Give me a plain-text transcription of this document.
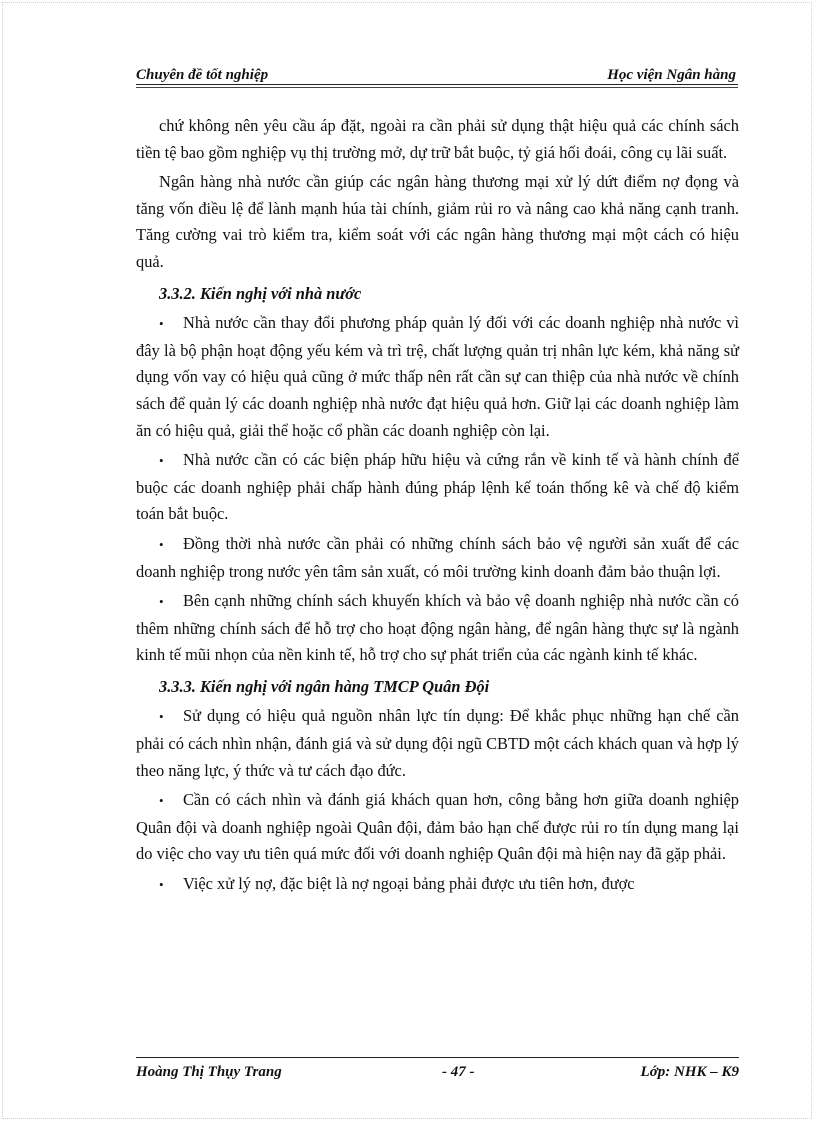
Chuyên đề tốt nghiệp	Học viện Ngân hàng

chứ không nên yêu cầu áp đặt, ngoài ra cần phải sử dụng thật hiệu quả các chính sách tiền tệ bao gồm nghiệp vụ thị trường mở, dự trữ bắt buộc, tỷ giá hối đoái, công cụ lãi suất.

Ngân hàng nhà nước cần giúp các ngân hàng thương mại xử lý dứt điểm nợ đọng và tăng vốn điều lệ để lành mạnh húa tài chính, giảm rủi ro và nâng cao khả năng cạnh tranh. Tăng cường vai trò kiểm tra, kiểm soát với các ngân hàng thương mại một cách có hiệu quả.

3.3.2. Kiến nghị với nhà nước

• Nhà nước cần thay đổi phương pháp quản lý đối với các doanh nghiệp nhà nước vì đây là bộ phận hoạt động yếu kém và trì trệ, chất lượng quản trị nhân lực kém, khả năng sử dụng vốn vay có hiệu quả cũng ở mức thấp nên rất cần sự can thiệp của nhà nước về chính sách để quản lý các doanh nghiệp nhà nước đạt hiệu quả hơn. Giữ lại các doanh nghiệp làm ăn có hiệu quả, giải thể hoặc cổ phần các doanh nghiệp còn lại.

• Nhà nước cần có các biện pháp hữu hiệu và cứng rắn về kinh tế và hành chính để buộc các doanh nghiệp phải chấp hành đúng pháp lệnh kế toán thống kê và chế độ kiểm toán bắt buộc.

• Đồng thời nhà nước cần phải có những chính sách bảo vệ người sản xuất để các doanh nghiệp trong nước yên tâm sản xuất, có môi trường kinh doanh đảm bảo thuận lợi.

• Bên cạnh những chính sách khuyến khích và bảo vệ doanh nghiệp nhà nước cần có thêm những chính sách để hỗ trợ cho hoạt động ngân hàng, để ngân hàng thực sự là ngành kinh tế mũi nhọn của nền kinh tế, hỗ trợ cho sự phát triển của các ngành kinh tế khác.

3.3.3. Kiến nghị với ngân hàng TMCP Quân Đội

• Sử dụng có hiệu quả nguồn nhân lực tín dụng: Để khắc phục những hạn chế cần phải có cách nhìn nhận, đánh giá và sử dụng đội ngũ CBTD một cách khách quan và hợp lý theo năng lực, ý thức và tư cách đạo đức.

• Cần có cách nhìn và đánh giá khách quan hơn, công bằng hơn giữa doanh nghiệp Quân đội và doanh nghiệp ngoài Quân đội, đảm bảo hạn chế được rủi ro tín dụng mang lại do việc cho vay ưu tiên quá mức đối với doanh nghiệp Quân đội mà hiện nay đã gặp phải.

• Việc xử lý nợ, đặc biệt là nợ ngoại bảng phải được ưu tiên hơn, được

Hoàng Thị Thụy Trang	- 47 -	Lớp: NHK – K9
